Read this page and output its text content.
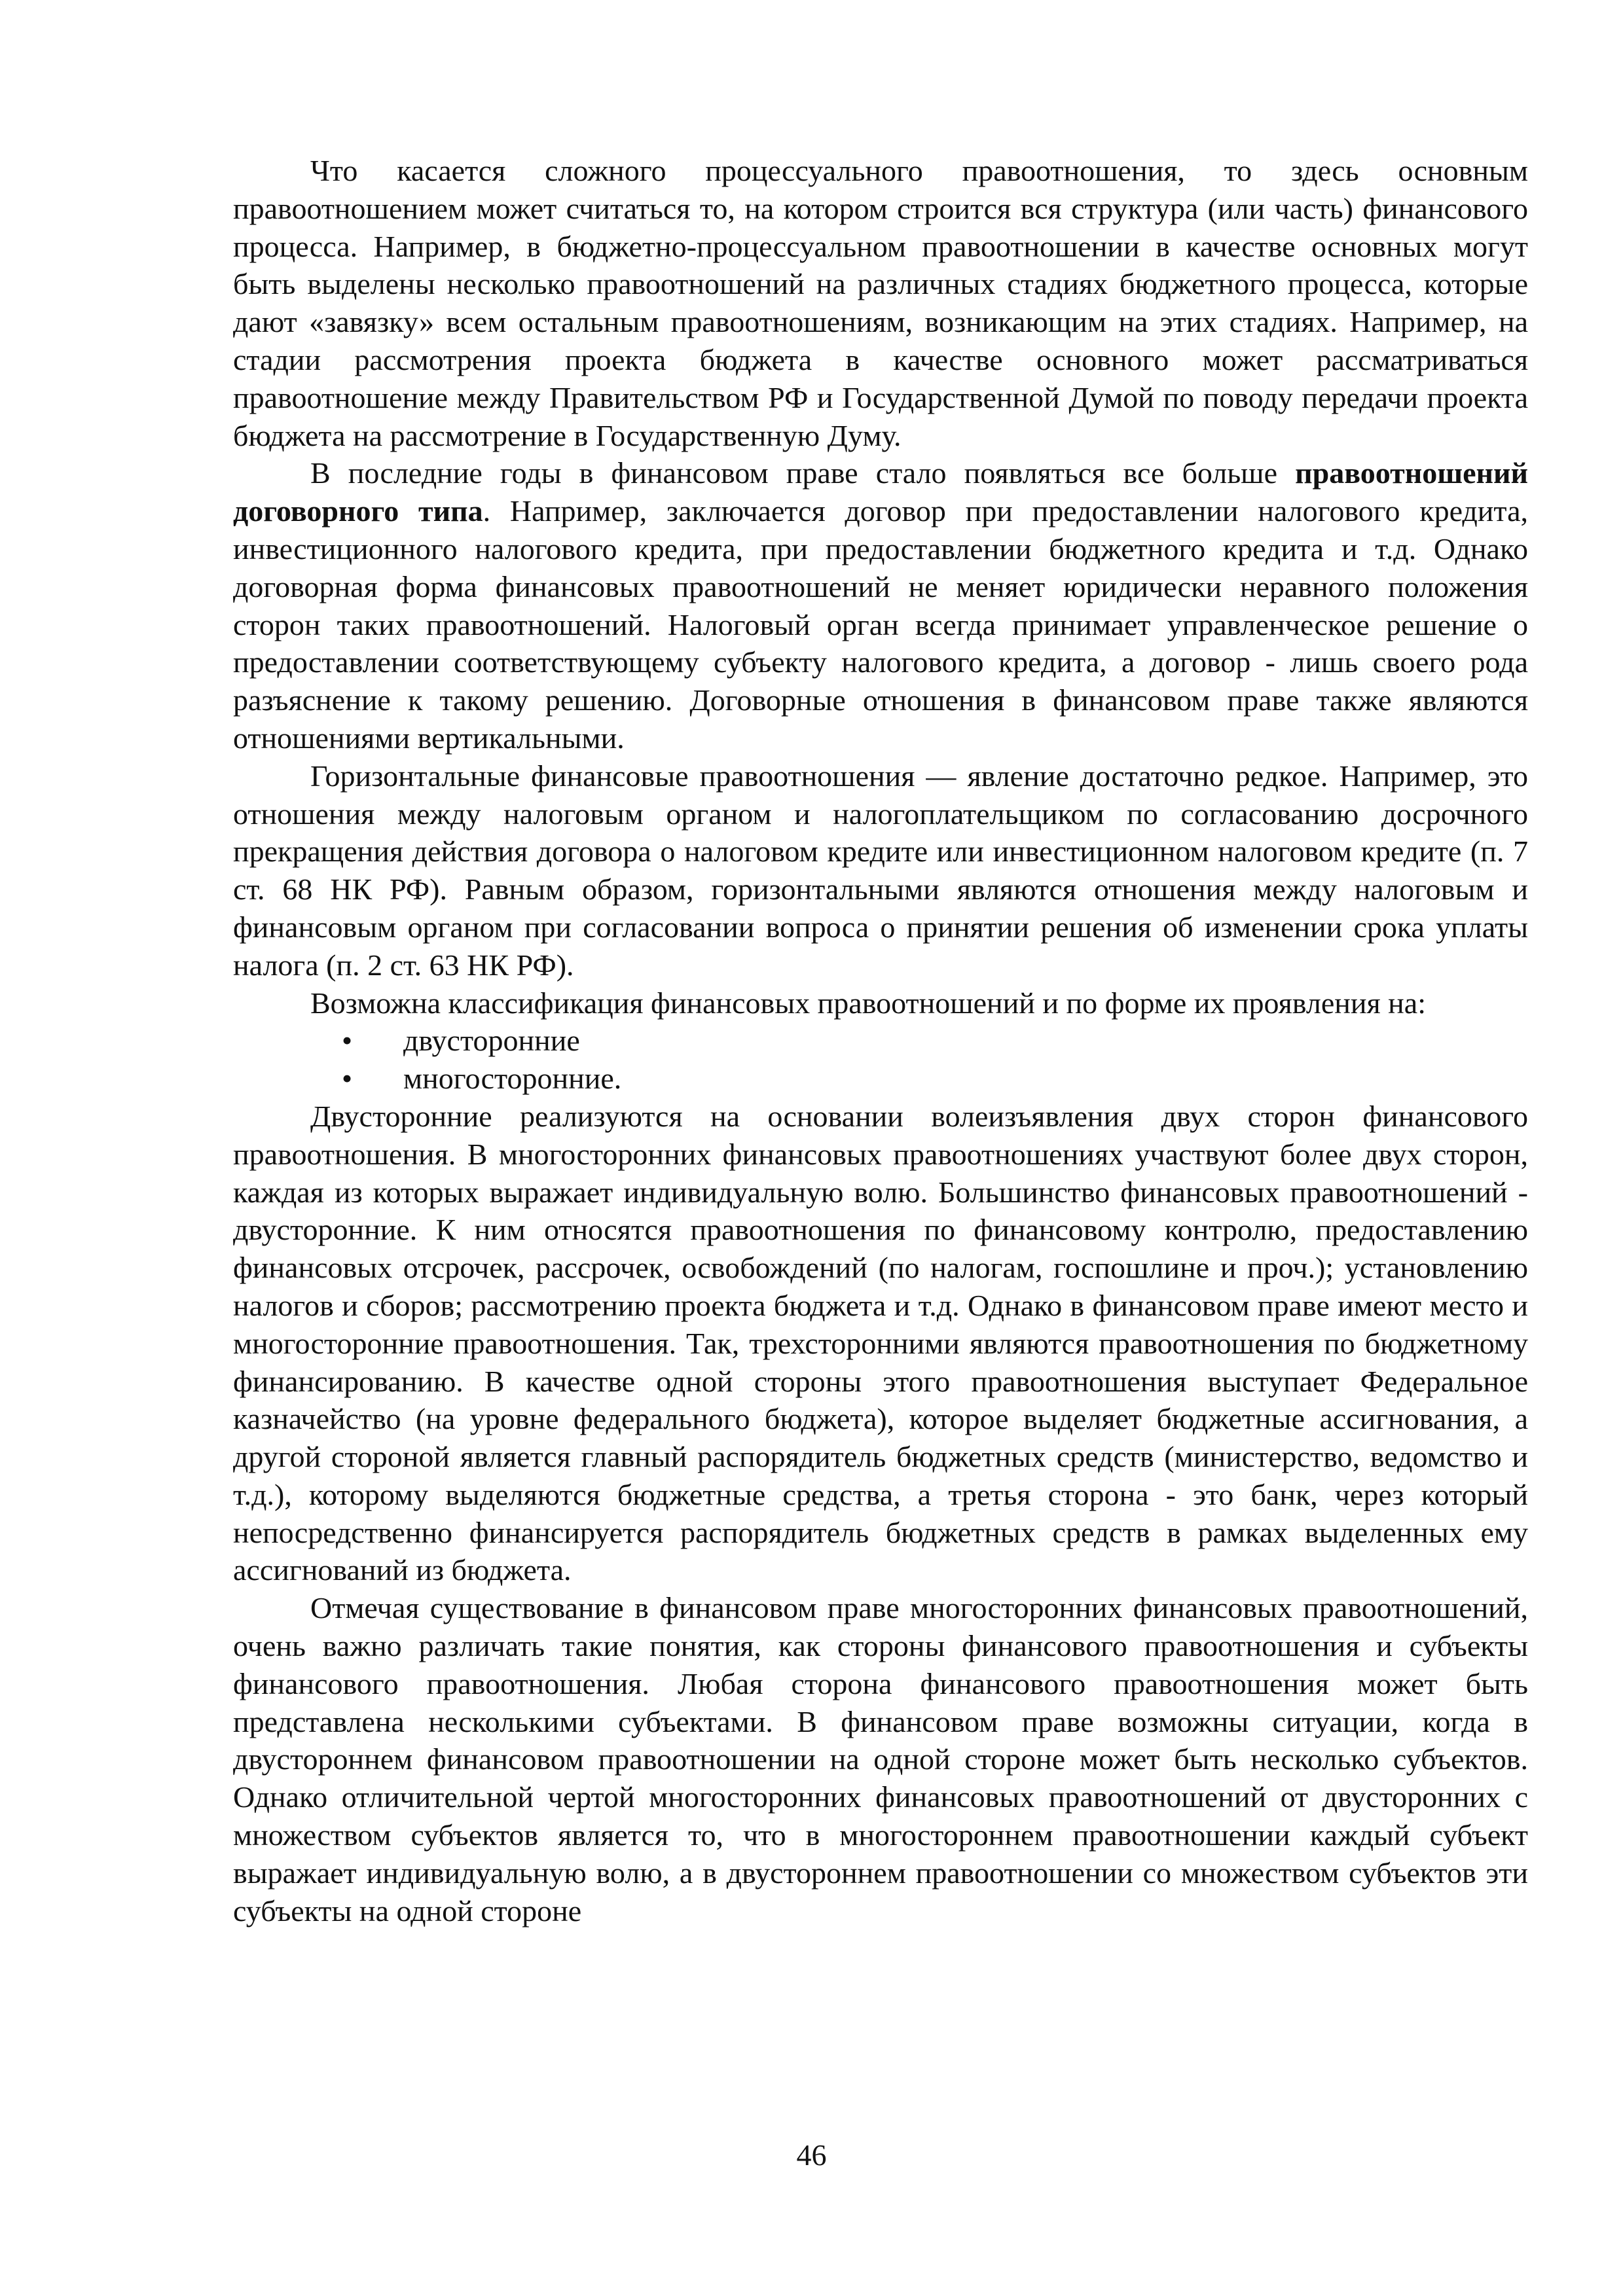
Что касается сложного процессуального правоотношения, то здесь основным правоотношением может считаться то, на котором строится вся структура (или часть) финансового процесса. Например, в бюджетно-процессуальном правоотношении в качестве основных могут быть выделены несколько правоотношений на различных стадиях бюджетного процесса, которые дают «завязку» всем остальным правоотношениям, возникающим на этих стадиях. Например, на стадии рассмотрения проекта бюджета в качестве основного может рассматриваться правоотношение между Правительством РФ и Государственной Думой по поводу передачи проекта бюджета на рассмотрение в Государственную Думу.

В последние годы в финансовом праве стало появляться все больше правоотношений договорного типа. Например, заключается договор при предоставлении налогового кредита, инвестиционного налогового кредита, при предоставлении бюджетного кредита и т.д. Однако договорная форма финансовых правоотношений не меняет юридически неравного положения сторон таких правоотношений. Налоговый орган всегда принимает управленческое решение о предоставлении соответствующему субъекту налогового кредита, а договор - лишь своего рода разъяснение к такому решению. Договорные отношения в финансовом праве также являются отношениями вертикальными.

Горизонтальные финансовые правоотношения — явление достаточно редкое. Например, это отношения между налоговым органом и налогоплательщиком по согласованию досрочного прекращения действия договора о налоговом кредите или инвестиционном налоговом кредите (п. 7 ст. 68 НК РФ). Равным образом, горизонтальными являются отношения между налоговым и финансовым органом при согласовании вопроса о принятии решения об изменении срока уплаты налога (п. 2 ст. 63 НК РФ).

Возможна классификация финансовых правоотношений и по форме их проявления на:

• двусторонние
• многосторонние.

Двусторонние реализуются на основании волеизъявления двух сторон финансового правоотношения. В многосторонних финансовых правоотношениях участвуют более двух сторон, каждая из которых выражает индивидуальную волю. Большинство финансовых правоотношений - двусторонние. К ним относятся правоотношения по финансовому контролю, предоставлению финансовых отсрочек, рассрочек, освобождений (по налогам, госпошлине и проч.); установлению налогов и сборов; рассмотрению проекта бюджета и т.д. Однако в финансовом праве имеют место и многосторонние правоотношения. Так, трехсторонними являются правоотношения по бюджетному финансированию. В качестве одной стороны этого правоотношения выступает Федеральное казначейство (на уровне федерального бюджета), которое выделяет бюджетные ассигнования, а другой стороной является главный распорядитель бюджетных средств (министерство, ведомство и т.д.), которому выделяются бюджетные средства, а третья сторона - это банк, через который непосредственно финансируется распорядитель бюджетных средств в рамках выделенных ему ассигнований из бюджета.

Отмечая существование в финансовом праве многосторонних финансовых правоотношений, очень важно различать такие понятия, как стороны финансового правоотношения и субъекты финансового правоотношения. Любая сторона финансового правоотношения может быть представлена несколькими субъектами. В финансовом праве возможны ситуации, когда в двустороннем финансовом правоотношении на одной стороне может быть несколько субъектов. Однако отличительной чертой многосторонних финансовых правоотношений от двусторонних с множеством субъектов является то, что в многостороннем правоотношении каждый субъект выражает индивидуальную волю, а в двустороннем правоотношении со множеством субъектов эти субъекты на одной стороне

46
